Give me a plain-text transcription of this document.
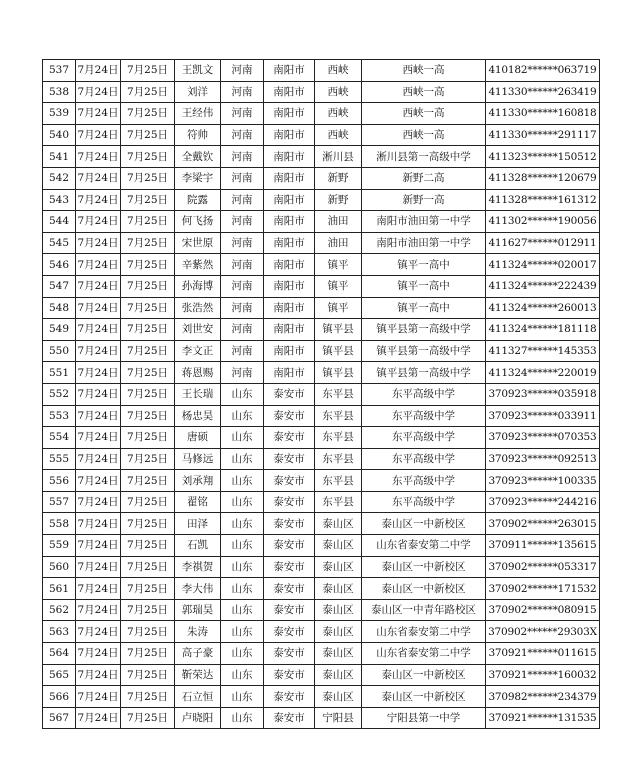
537	7月24日	7月25日	王凯文	河南	南阳市	西峡	西峡一高	410182******063719
538	7月24日	7月25日	刘洋	河南	南阳市	西峡	西峡一高	411330******263419
539	7月24日	7月25日	王经伟	河南	南阳市	西峡	西峡一高	411330******160818
540	7月24日	7月25日	符帅	河南	南阳市	西峡	西峡一高	411330******291117
541	7月24日	7月25日	全戴钦	河南	南阳市	淅川县	淅川县第一高级中学	411323******150512
542	7月24日	7月25日	李梁宇	河南	南阳市	新野	新野二高	411328******120679
543	7月24日	7月25日	院露	河南	南阳市	新野	新野一高	411328******161312
544	7月24日	7月25日	何飞扬	河南	南阳市	油田	南阳市油田第一中学	411302******190056
545	7月24日	7月25日	宋世原	河南	南阳市	油田	南阳市油田第一中学	411627******012911
546	7月24日	7月25日	辛紫然	河南	南阳市	镇平	镇平一高中	411324******020017
547	7月24日	7月25日	孙海博	河南	南阳市	镇平	镇平一高中	411324******222439
548	7月24日	7月25日	张浩然	河南	南阳市	镇平	镇平一高中	411324******260013
549	7月24日	7月25日	刘世安	河南	南阳市	镇平县	镇平县第一高级中学	411324******181118
550	7月24日	7月25日	李文正	河南	南阳市	镇平县	镇平县第一高级中学	411327******145353
551	7月24日	7月25日	蒋恩赐	河南	南阳市	镇平县	镇平县第一高级中学	411324******220019
552	7月24日	7月25日	王长瑞	山东	泰安市	东平县	东平高级中学	370923******035918
553	7月24日	7月25日	杨忠昊	山东	泰安市	东平县	东平高级中学	370923******033911
554	7月24日	7月25日	唐硕	山东	泰安市	东平县	东平高级中学	370923******070353
555	7月24日	7月25日	马修远	山东	泰安市	东平县	东平高级中学	370923******092513
556	7月24日	7月25日	刘承翔	山东	泰安市	东平县	东平高级中学	370923******100335
557	7月24日	7月25日	翟铭	山东	泰安市	东平县	东平高级中学	370923******244216
558	7月24日	7月25日	田泽	山东	泰安市	泰山区	泰山区一中新校区	370902******263015
559	7月24日	7月25日	石凯	山东	泰安市	泰山区	山东省泰安第二中学	370911******135615
560	7月24日	7月25日	李祺贺	山东	泰安市	泰山区	泰山区一中新校区	370902******053317
561	7月24日	7月25日	李大伟	山东	泰安市	泰山区	泰山区一中新校区	370902******171532
562	7月24日	7月25日	郭瑞昊	山东	泰安市	泰山区	泰山区一中青年路校区	370902******080915
563	7月24日	7月25日	朱涛	山东	泰安市	泰山区	山东省泰安第二中学	370902******29303X
564	7月24日	7月25日	高子豪	山东	泰安市	泰山区	山东省泰安第二中学	370921******011615
565	7月24日	7月25日	靳荣达	山东	泰安市	泰山区	泰山区一中新校区	370921******160032
566	7月24日	7月25日	石立恒	山东	泰安市	泰山区	泰山区一中新校区	370982******234379
567	7月24日	7月25日	卢晓阳	山东	泰安市	宁阳县	宁阳县第一中学	370921******131535
